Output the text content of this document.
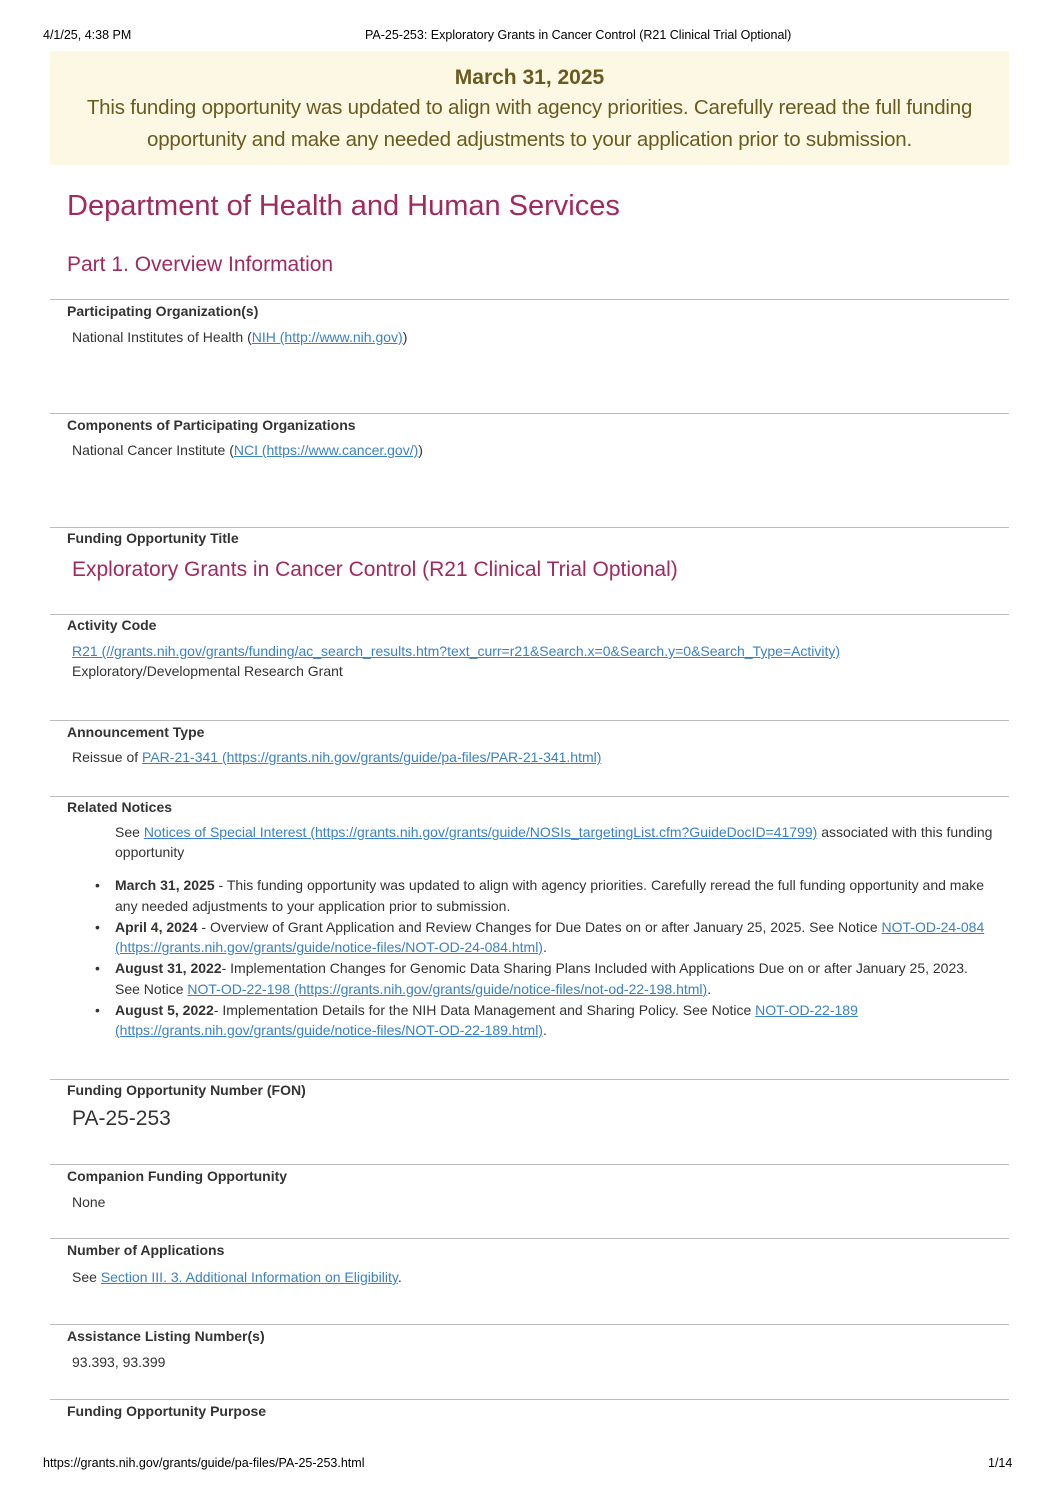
4/1/25, 4:38 PM	PA-25-253: Exploratory Grants in Cancer Control (R21 Clinical Trial Optional)
March 31, 2025
This funding opportunity was updated to align with agency priorities. Carefully reread the full funding opportunity and make any needed adjustments to your application prior to submission.
Department of Health and Human Services
Part 1. Overview Information
Participating Organization(s)
National Institutes of Health (NIH (http://www.nih.gov))
Components of Participating Organizations
National Cancer Institute (NCI (https://www.cancer.gov/))
Funding Opportunity Title
Exploratory Grants in Cancer Control (R21 Clinical Trial Optional)
Activity Code
R21 (//grants.nih.gov/grants/funding/ac_search_results.htm?text_curr=r21&Search.x=0&Search.y=0&Search_Type=Activity)
Exploratory/Developmental Research Grant
Announcement Type
Reissue of PAR-21-341 (https://grants.nih.gov/grants/guide/pa-files/PAR-21-341.html)
Related Notices
See Notices of Special Interest (https://grants.nih.gov/grants/guide/NOSIs_targetingList.cfm?GuideDocID=41799) associated with this funding opportunity
• March 31, 2025 - This funding opportunity was updated to align with agency priorities. Carefully reread the full funding opportunity and make any needed adjustments to your application prior to submission.
• April 4, 2024 - Overview of Grant Application and Review Changes for Due Dates on or after January 25, 2025. See Notice NOT-OD-24-084 (https://grants.nih.gov/grants/guide/notice-files/NOT-OD-24-084.html).
• August 31, 2022- Implementation Changes for Genomic Data Sharing Plans Included with Applications Due on or after January 25, 2023. See Notice NOT-OD-22-198 (https://grants.nih.gov/grants/guide/notice-files/not-od-22-198.html).
• August 5, 2022- Implementation Details for the NIH Data Management and Sharing Policy. See Notice NOT-OD-22-189 (https://grants.nih.gov/grants/guide/notice-files/NOT-OD-22-189.html).
Funding Opportunity Number (FON)
PA-25-253
Companion Funding Opportunity
None
Number of Applications
See Section III. 3. Additional Information on Eligibility.
Assistance Listing Number(s)
93.393, 93.399
Funding Opportunity Purpose
https://grants.nih.gov/grants/guide/pa-files/PA-25-253.html	1/14
